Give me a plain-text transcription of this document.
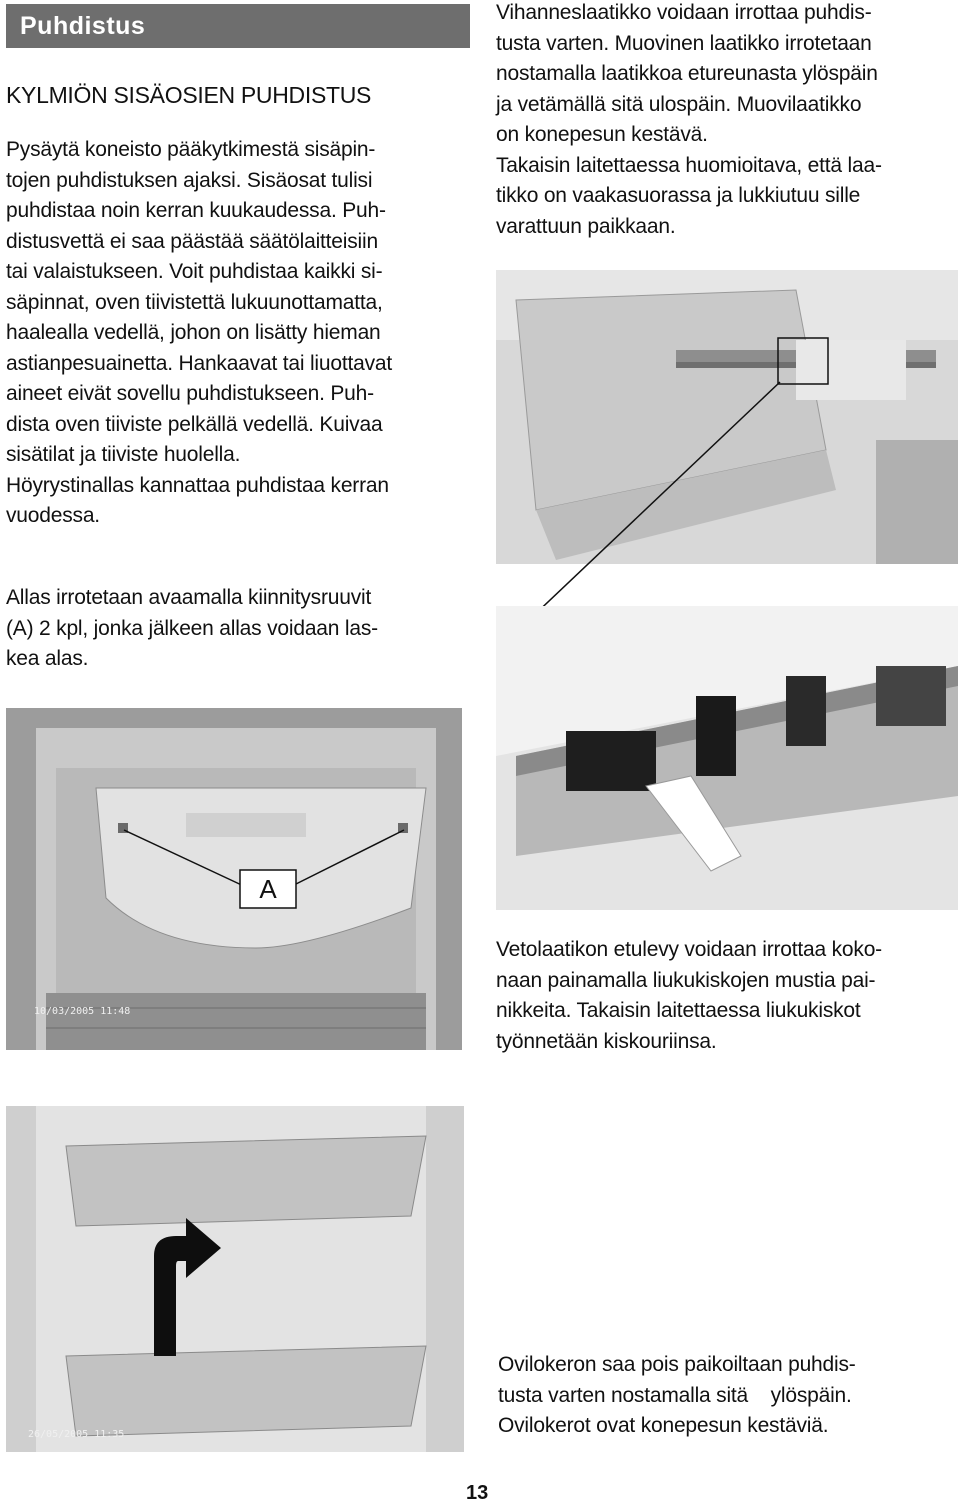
Puhdistus
KYLMIÖN SISÄOSIEN PUHDISTUS

Pysäytä koneisto pääkytkimestä sisäpin-

tojen puhdistuksen ajaksi. Sisäosat tulisi

puhdistaa noin kerran kuukaudessa. Puh-

distusvettä ei saa päästää säätölaitteisiin

tai valaistukseen. Voit puhdistaa kaikki si-

säpinnat, oven tiivistettä lukuunottamatta,

haalealla vedellä, johon on lisätty hieman

astianpesuainetta. Hankaavat tai liuottavat

aineet eivät sovellu puhdistukseen. Puh-

dista oven tiiviste pelkällä vedellä. Kuivaa

sisätilat ja tiiviste huolella.

Höyrystinallas kannattaa puhdistaa kerran

vuodessa.

Allas irrotetaan avaamalla kiinnitysruuvit

(A) 2 kpl, jonka jälkeen allas voidaan las-

kea alas.

Vihanneslaatikko voidaan irrottaa puhdis-

tusta varten. Muovinen laatikko irrotetaan

nostamalla laatikkoa etureunasta ylöspäin

ja vetämällä sitä ulospäin. Muovilaatikko

on konepesun kestävä.

Takaisin laitettaessa huomioitava, että laa-

tikko on vaakasuorassa ja lukkiutuu sille

varattuun paikkaan.

Vetolaatikon etulevy voidaan irrottaa koko-

naan painamalla liukukiskojen mustia pai-

nikkeita. Takaisin laitettaessa liukukiskot

työnnetään kiskouriinsa.

A
10/03/2005 11:48
26/05/2005 11:35

Ovilokeron saa pois paikoiltaan puhdis-

tusta varten nostamalla sitä    ylöspäin.

Ovilokerot ovat konepesun kestäviä.

13
